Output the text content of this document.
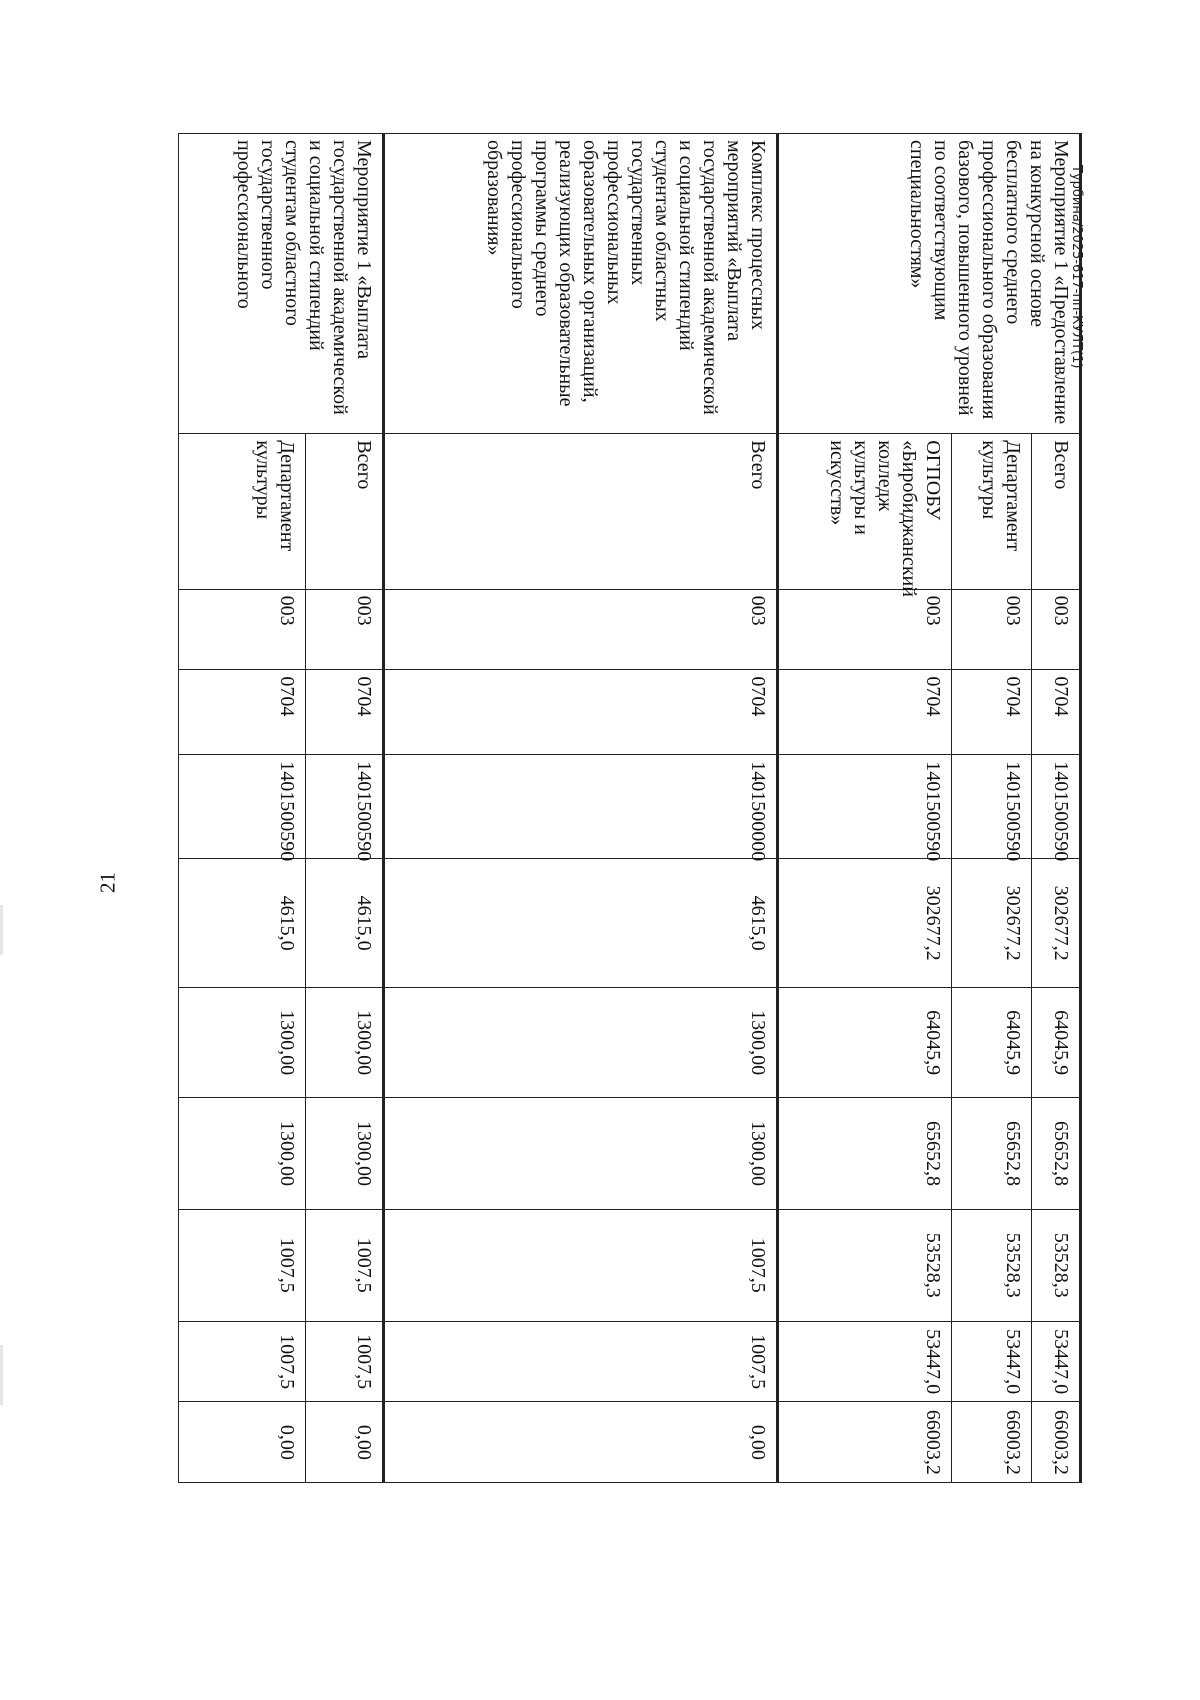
21
Мероприятие 1 «Предоставление на конкурсной основе бесплатного среднего профессионального образования базового, повышенного уровней по соответствующим специальностям»	Всего	003	0704	1401500590	302677,2	64045,9	65652,8	53528,3	53447,0	66003,2
	Департамент культуры	003	0704	1401500590	302677,2	64045,9	65652,8	53528,3	53447,0	66003,2
	ОГПОБУ «Биробиджанский колледж культуры и искусств»	003	0704	1401500590	302677,2	64045,9	65652,8	53528,3	53447,0	66003,2
Комплекс процессных мероприятий «Выплата государственной академической и социальной стипендий студентам областных государственных профессиональных образовательных организаций, реализующих образовательные программы среднего профессионального образования»	Всего	003	0704	1401500000	4615,0	1300,00	1300,00	1007,5	1007,5	0,00
Мероприятие 1 «Выплата государственной академической и социальной стипендий студентам областного государственного профессионального	Всего	003	0704	1401500590	4615,0	1300,00	1300,00	1007,5	1007,5	0,00
	Департамент культуры	003	0704	1401500590	4615,0	1300,00	1300,00	1007,5	1007,5	0,00
Турбина/2025-617-пп-КУЛТ(1)
